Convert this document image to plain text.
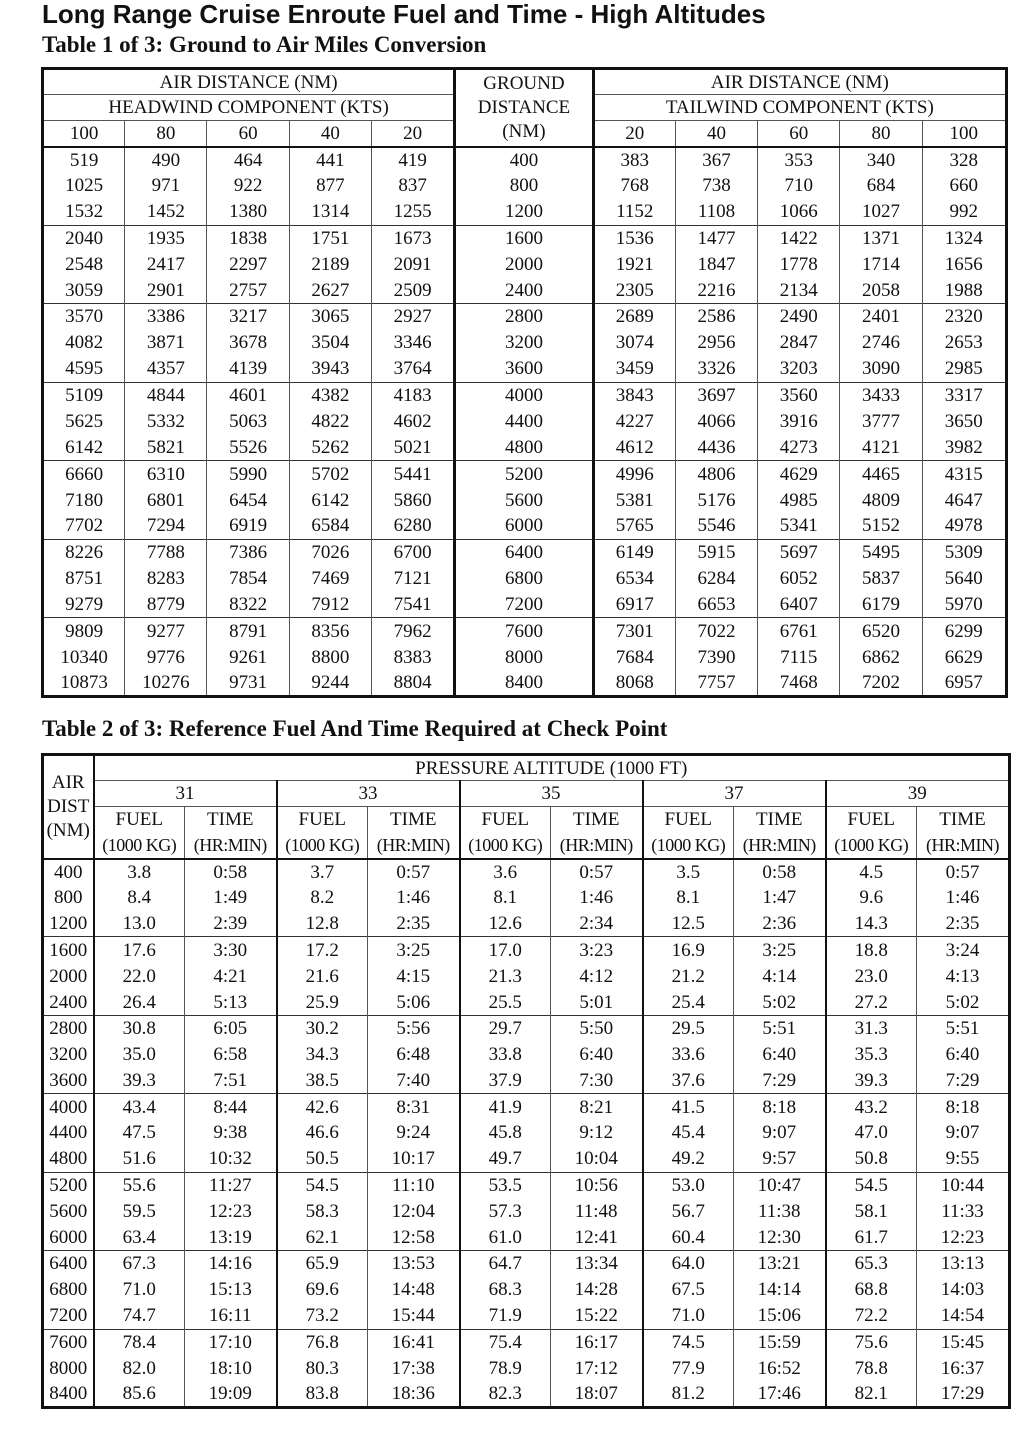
Long Range Cruise Enroute Fuel and Time - High Altitudes
Table 1 of 3: Ground to Air Miles Conversion
AIR DISTANCE (NM)					GROUND
DISTANCE
(NM)	AIR DISTANCE (NM)				
HEADWIND COMPONENT (KTS)						TAILWIND COMPONENT (KTS)				
100	80	60	40	20		20	40	60	80	100
519	490	464	441	419	400	383	367	353	340	328
1025	971	922	877	837	800	768	738	710	684	660
1532	1452	1380	1314	1255	1200	1152	1108	1066	1027	992
2040	1935	1838	1751	1673	1600	1536	1477	1422	1371	1324
2548	2417	2297	2189	2091	2000	1921	1847	1778	1714	1656
3059	2901	2757	2627	2509	2400	2305	2216	2134	2058	1988
3570	3386	3217	3065	2927	2800	2689	2586	2490	2401	2320
4082	3871	3678	3504	3346	3200	3074	2956	2847	2746	2653
4595	4357	4139	3943	3764	3600	3459	3326	3203	3090	2985
5109	4844	4601	4382	4183	4000	3843	3697	3560	3433	3317
5625	5332	5063	4822	4602	4400	4227	4066	3916	3777	3650
6142	5821	5526	5262	5021	4800	4612	4436	4273	4121	3982
6660	6310	5990	5702	5441	5200	4996	4806	4629	4465	4315
7180	6801	6454	6142	5860	5600	5381	5176	4985	4809	4647
7702	7294	6919	6584	6280	6000	5765	5546	5341	5152	4978
8226	7788	7386	7026	6700	6400	6149	5915	5697	5495	5309
8751	8283	7854	7469	7121	6800	6534	6284	6052	5837	5640
9279	8779	8322	7912	7541	7200	6917	6653	6407	6179	5970
9809	9277	8791	8356	7962	7600	7301	7022	6761	6520	6299
10340	9776	9261	8800	8383	8000	7684	7390	7115	6862	6629
10873	10276	9731	9244	8804	8400	8068	7757	7468	7202	6957
Table 2 of 3: Reference Fuel And Time Required at Check Point
AIR
DIST
(NM)	PRESSURE ALTITUDE (1000 FT)									
	31		33		35		37		39	
	FUEL	TIME	FUEL	TIME	FUEL	TIME	FUEL	TIME	FUEL	TIME
	(1000 KG)	(HR:MIN)	(1000 KG)	(HR:MIN)	(1000 KG)	(HR:MIN)	(1000 KG)	(HR:MIN)	(1000 KG)	(HR:MIN)
400	3.8	0:58	3.7	0:57	3.6	0:57	3.5	0:58	4.5	0:57
800	8.4	1:49	8.2	1:46	8.1	1:46	8.1	1:47	9.6	1:46
1200	13.0	2:39	12.8	2:35	12.6	2:34	12.5	2:36	14.3	2:35
1600	17.6	3:30	17.2	3:25	17.0	3:23	16.9	3:25	18.8	3:24
2000	22.0	4:21	21.6	4:15	21.3	4:12	21.2	4:14	23.0	4:13
2400	26.4	5:13	25.9	5:06	25.5	5:01	25.4	5:02	27.2	5:02
2800	30.8	6:05	30.2	5:56	29.7	5:50	29.5	5:51	31.3	5:51
3200	35.0	6:58	34.3	6:48	33.8	6:40	33.6	6:40	35.3	6:40
3600	39.3	7:51	38.5	7:40	37.9	7:30	37.6	7:29	39.3	7:29
4000	43.4	8:44	42.6	8:31	41.9	8:21	41.5	8:18	43.2	8:18
4400	47.5	9:38	46.6	9:24	45.8	9:12	45.4	9:07	47.0	9:07
4800	51.6	10:32	50.5	10:17	49.7	10:04	49.2	9:57	50.8	9:55
5200	55.6	11:27	54.5	11:10	53.5	10:56	53.0	10:47	54.5	10:44
5600	59.5	12:23	58.3	12:04	57.3	11:48	56.7	11:38	58.1	11:33
6000	63.4	13:19	62.1	12:58	61.0	12:41	60.4	12:30	61.7	12:23
6400	67.3	14:16	65.9	13:53	64.7	13:34	64.0	13:21	65.3	13:13
6800	71.0	15:13	69.6	14:48	68.3	14:28	67.5	14:14	68.8	14:03
7200	74.7	16:11	73.2	15:44	71.9	15:22	71.0	15:06	72.2	14:54
7600	78.4	17:10	76.8	16:41	75.4	16:17	74.5	15:59	75.6	15:45
8000	82.0	18:10	80.3	17:38	78.9	17:12	77.9	16:52	78.8	16:37
8400	85.6	19:09	83.8	18:36	82.3	18:07	81.2	17:46	82.1	17:29
